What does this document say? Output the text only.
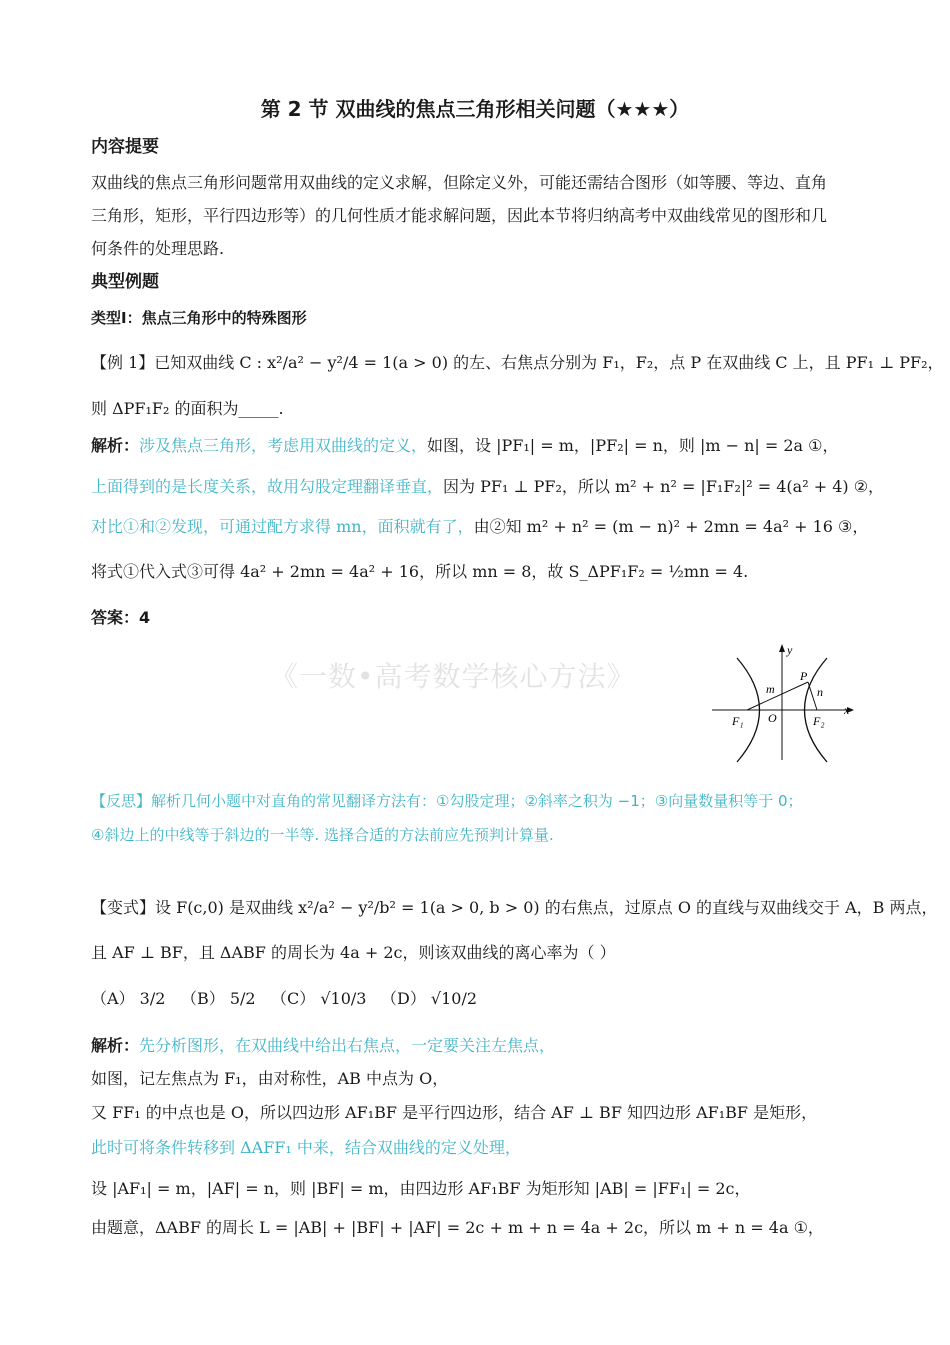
第 2 节 双曲线的焦点三角形相关问题（★★★）
内容提要
双曲线的焦点三角形问题常用双曲线的定义求解，但除定义外，可能还需结合图形（如等腰、等边、直角
三角形，矩形，平行四边形等）的几何性质才能求解问题，因此本节将归纳高考中双曲线常见的图形和几
何条件的处理思路.
典型例题
类型Ⅰ：焦点三角形中的特殊图形
【例 1】已知双曲线 C : x²/a² − y²/4 = 1(a > 0) 的左、右焦点分别为 F₁，F₂，点 P 在双曲线 C 上，且 PF₁ ⊥ PF₂，
则 ΔPF₁F₂ 的面积为_____.
解析：涉及焦点三角形，考虑用双曲线的定义，如图，设 |PF₁| = m，|PF₂| = n，则 |m − n| = 2a ①，
上面得到的是长度关系，故用勾股定理翻译垂直，因为 PF₁ ⊥ PF₂，所以 m² + n² = |F₁F₂|² = 4(a² + 4) ②，
对比①和②发现，可通过配方求得 mn，面积就有了，由②知 m² + n² = (m − n)² + 2mn = 4a² + 16 ③，
将式①代入式③可得 4a² + 2mn = 4a² + 16，所以 mn = 8，故 S_ΔPF₁F₂ = ½mn = 4.
答案：4
《一数•高考数学核心方法》
y
x
P
m	n
O
F₁	F₂
【反思】解析几何小题中对直角的常见翻译方法有：①勾股定理；②斜率之积为 −1；③向量数量积等于 0；
④斜边上的中线等于斜边的一半等. 选择合适的方法前应先预判计算量.
【变式】设 F(c,0) 是双曲线 x²/a² − y²/b² = 1(a > 0, b > 0) 的右焦点，过原点 O 的直线与双曲线交于 A，B 两点，
且 AF ⊥ BF，且 ΔABF 的周长为 4a + 2c，则该双曲线的离心率为（ ）
（A） 3/2 （B） 5/2 （C） √10/3 （D） √10/2
解析：先分析图形，在双曲线中给出右焦点，一定要关注左焦点，
如图，记左焦点为 F₁，由对称性，AB 中点为 O，
又 FF₁ 的中点也是 O，所以四边形 AF₁BF 是平行四边形，结合 AF ⊥ BF 知四边形 AF₁BF 是矩形，
此时可将条件转移到 ΔAFF₁ 中来，结合双曲线的定义处理，
设 |AF₁| = m，|AF| = n，则 |BF| = m，由四边形 AF₁BF 为矩形知 |AB| = |FF₁| = 2c，
由题意，ΔABF 的周长 L = |AB| + |BF| + |AF| = 2c + m + n = 4a + 2c，所以 m + n = 4a ①，
